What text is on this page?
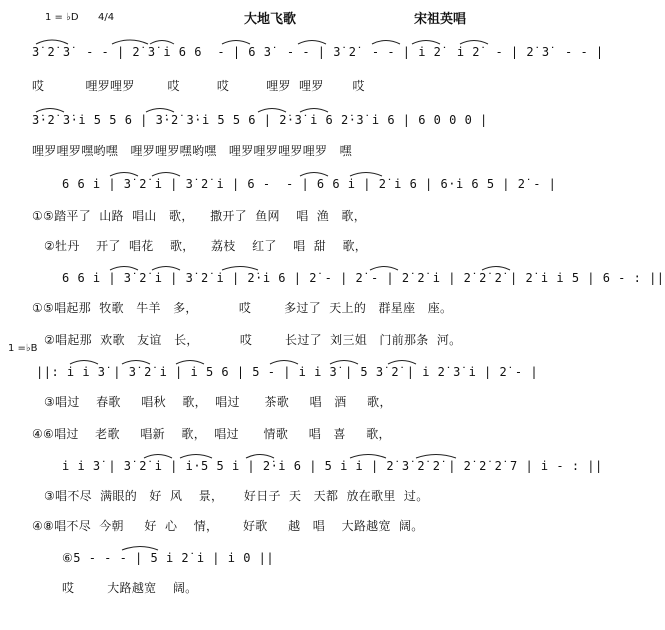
1 = ♭D 4/4	大地飞歌	宋祖英唱
3̇ 2̇ 3̇  - - | 2̇ 3̇ i 6 6  - | 6 3̇  - - | 3̇ 2̇  - - | i 2̇  i 2̇  - | 2̇ 3̇  - - |
哎          哩罗哩罗        哎         哎         哩罗  哩罗       哎
3̇·2̇ 3̇·i 5 5 6 | 3̇·2̇ 3̇·i 5 5 6 | 2̇·3̇ i 6 2̇·3̇ i 6 | 6 0 0 0 |
哩罗哩罗嘿哟嘿   哩罗哩罗嘿哟嘿   哩罗哩罗哩罗哩罗   嘿
6 6 i | 3̇ 2̇ i | 3̇ 2̇ i | 6 -  - | 6 6 i | 2̇ i 6 | 6·i 6 5 | 2̇ - |
①⑤踏平了  山路  唱山   歌，    撒开了  鱼网    唱  渔   歌，
②牡丹    开了  唱花    歌，    荔枝    红了    唱  甜    歌，
6 6 i | 3̇ 2̇ i | 3̇ 2̇ i | 2̇·i 6 | 2̇ - | 2̇ - | 2̇ 2̇ i | 2̇ 2̇ 2̇ | 2̇ i i 5 | 6 - : ||
①⑤唱起那  牧歌   牛羊   多，          哎        多过了  天上的   群星座   座。
②唱起那  欢歌   友谊   长，          哎        长过了  刘三姐   门前那条  河。
1 =♭B
||: i i 3̇ | 3̇ 2̇ i | i 5 6 | 5 - | i i 3̇ | 5 3̇ 2̇ | i 2̇ 3̇ i | 2̇ - |
③唱过    春歌     唱秋    歌，  唱过      茶歌     唱   酒     歌，
④⑥唱过    老歌     唱新    歌，  唱过      情歌     唱   喜     歌，
i i 3̇ | 3̇ 2̇ i | i·5 5 i | 2̇·i 6 | 5 i i | 2̇ 3̇ 2̇ 2̇ | 2̇ 2̇ 2̇ 7 | i - : ||
③唱不尽  满眼的   好  风    景，     好日子  天   天都  放在歌里  过。
④⑧唱不尽  今朝     好  心    情，      好歌     越   唱    大路越宽  阔。
⑥5 - - - | 5 i 2̇ i | i 0 ||
哎        大路越宽    阔。
